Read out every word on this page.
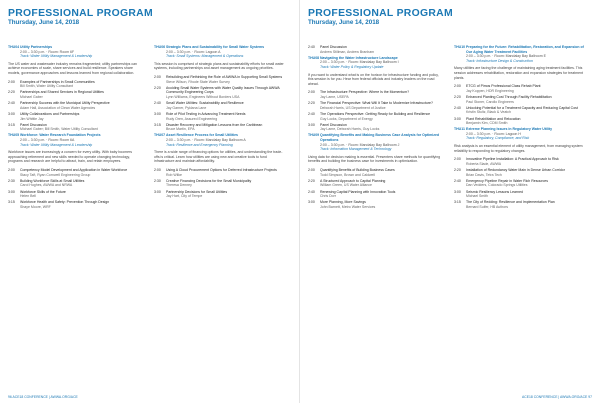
PROFESSIONAL PROGRAM
Thursday, June 14, 2018
THU04 Utility Partnerships
2:00 – 3:30 p.m. · Room: Room 6F
Track: Water Utility Management & Leadership
The US water and wastewater industry remains fragmented; utility partnerships can achieve economies of scale, share services and build resilience. Speakers share models, governance approaches and lessons learned from regional collaboration.
2:00	Examples of Partnerships in Small Communities
Bill Smith, Water Utility Consultant
2:20	Partnerships and Shared Services in Regional Utilities
Michael Gaber
2:40	Partnership Success with the Municipal Utility Perspective
Adam Hall, Association of Clean Water Agencies
3:00	Utility Collaborations and Partnerships
Jim Whittle Jay
3:15	Panel Discussion
Michael Gaber; Bill Smith, Water Utility Consultant
THU05 Workforce: Water Research Foundation Projects
2:00 – 3:30 p.m. · Room: Room 6A
Track: Water Utility Management & Leadership
Workforce issues are increasingly a concern for every utility. With baby boomers approaching retirement and new skills needed to operate changing technology, programs and research are helpful to attract, train, and retain employees.
2:00	Competency Model Development and Application in Water Workforce
Stacy Taft, Ryan Cornwell Engineering Group
2:30	Building Workforce Skills at Small Utilities
Carol Hughes, AWWA and NRWA
3:00	Workforce Skills of the Future
Helen Bell
3:15	Workforce Health and Safety: Prevention Through Design
Shaye Moore, WRF
THU06 Strategic Plans and Sustainability for Small Water Systems
2:00 – 3:30 p.m. · Room: Lagoon A
Track: Small Systems: Management & Operations
This session is comprised of strategic plans and sustainability efforts for small water systems, including partnerships and asset management as ongoing priorities.
2:00	Rebuilding and Rethinking the Role of AWWA in Supporting Small Systems
Steve Wilson, Rhode State Water Survey
2:20	Avoiding Small Water Systems with Water Quality Issues Through AWWA Community Engineering Corps
Lynn Williams, Engineers Without Borders USA
2:40	Small Water Utilities: Sustainability and Resilience
Jay Garner, Pyklana Lane
3:00	Role of Pilot Testing in Advancing Treatment Needs
Rudy Oren, Assured Engineering
3:15	Disaster Recovery and Mitigation Lessons from the Caribbean
Bruce Martin, EPA
THU07 Asset Resilience Process for Small Utilities
2:00 – 3:30 p.m. · Room: Mandalay Bay Ballroom A
Track: Resilience and Emergency Planning
There is a wide range of financing options for utilities, and understanding the trade-offs is critical. Learn how utilities are using new and creative tools to fund infrastructure and maintain affordability.
2:00	Using A Cloud Procurement Options for Deferred Infrastructure Projects
Rob Wilke
2:30	Creative Financing Decisions for the Small Municipality
Theresa Denney
3:00	Partnership Decisions for Small Utilities
Jay Hart, City of Tempe
96 ACE18 CONFERENCE | AWWA.ORG/ACE
PROFESSIONAL PROGRAM
Thursday, June 14, 2018
2:40	Panel Discussion
Andrew Stillman, Andrew Branham
THU08 Navigating the Water Infrastructure Landscape
2:00 – 3:30 p.m. · Room: Mandalay Bay Ballroom I
Track: Water Policy & Regulatory Update
If you want to understand what is on the horizon for infrastructure funding and policy, this session is for you. Hear from federal officials and industry leaders on the road ahead.
2:00	The Infrastructure Perspective: Where Is the Momentum?
Jay Lame, USEPA
2:20	The Financial Perspective: What Will It Take to Modernize Infrastructure?
Deborah Harris, US Department of Justice
2:40	The Operations Perspective: Getting Ready for Building and Resilience
Guy Locks, Department of Energy
3:00	Panel Discussion
Jay Lame, Deborah Harris, Guy Locks
THU09 Quantifying Benefits and Making Business Case Analysis for Optimized Operations
2:00 – 3:30 p.m. · Room: Mandalay Bay Ballroom J
Track: Information Management & Technology
Using data for decision making is essential. Presenters share methods for quantifying benefits and building the business case for investments in optimization.
2:00	Quantifying Benefits of Building Business Cases
Todd Simpson, Brown and Caldwell
2:20	A Structured Approach to Capital Planning
William Green, US Water Alliance
2:40	Renewing Capital Planning with Innovation Tools
Chris Dorr
3:00	More Planning, More Savings
John Barnett, Metro Water Services
THU10 Preparing for the Future: Rehabilitation, Restoration, and Expansion of Our Aging Water Treatment Facilities
2:00 – 3:30 p.m. · Room: Mandalay Bay Ballroom E
Track: Infrastructure Design & Construction
Many utilities are facing the challenge of maintaining aging treatment facilities. This session addresses rehabilitation, restoration and expansion strategies for treatment plants.
2:00	ETCG of Pimos Professional Class Rehab Plant
Jay Koppen, HDR Engineering
2:20	Enhanced Planting Cost Through Facility Rehabilitation
Paul Stoner, Carollo Engineers
2:40	Unlocking Potential for a Treatment Capacity and Reducing Capital Cost
Kristin Stultz, Black & Veatch
3:00	Plant Rehabilitation and Relocation
Benjamin Kim, CDM Smith
THU11 Extreme Planning Issues in Regulatory Water Utility
2:00 – 3:30 p.m. · Room: Lagoon H
Track: Regulatory, Compliance, and Risk
Risk analysis is an essential element of utility management, from managing system reliability to responding to regulatory changes.
2:00	Innovative Pipeline Installation: A Practical Approach to Risk
Roberta Slade, AWWA
2:20	Installation of Redundancy Water Main in Dense Urban Corridor
Brian Davis, Tetra Tech
2:40	Emergency Pipeline Repair in Water Rich Resources
Dan Vedders, Colorado Springs Utilities
3:00	Seismic Resiliency Lessons Learned
Michael Smith
3:15	The City of Redding: Resilience and Implementation Plan
Bernard Sulfer, HB Authors
ACE18 CONFERENCE | AWWA.ORG/ACE 97
